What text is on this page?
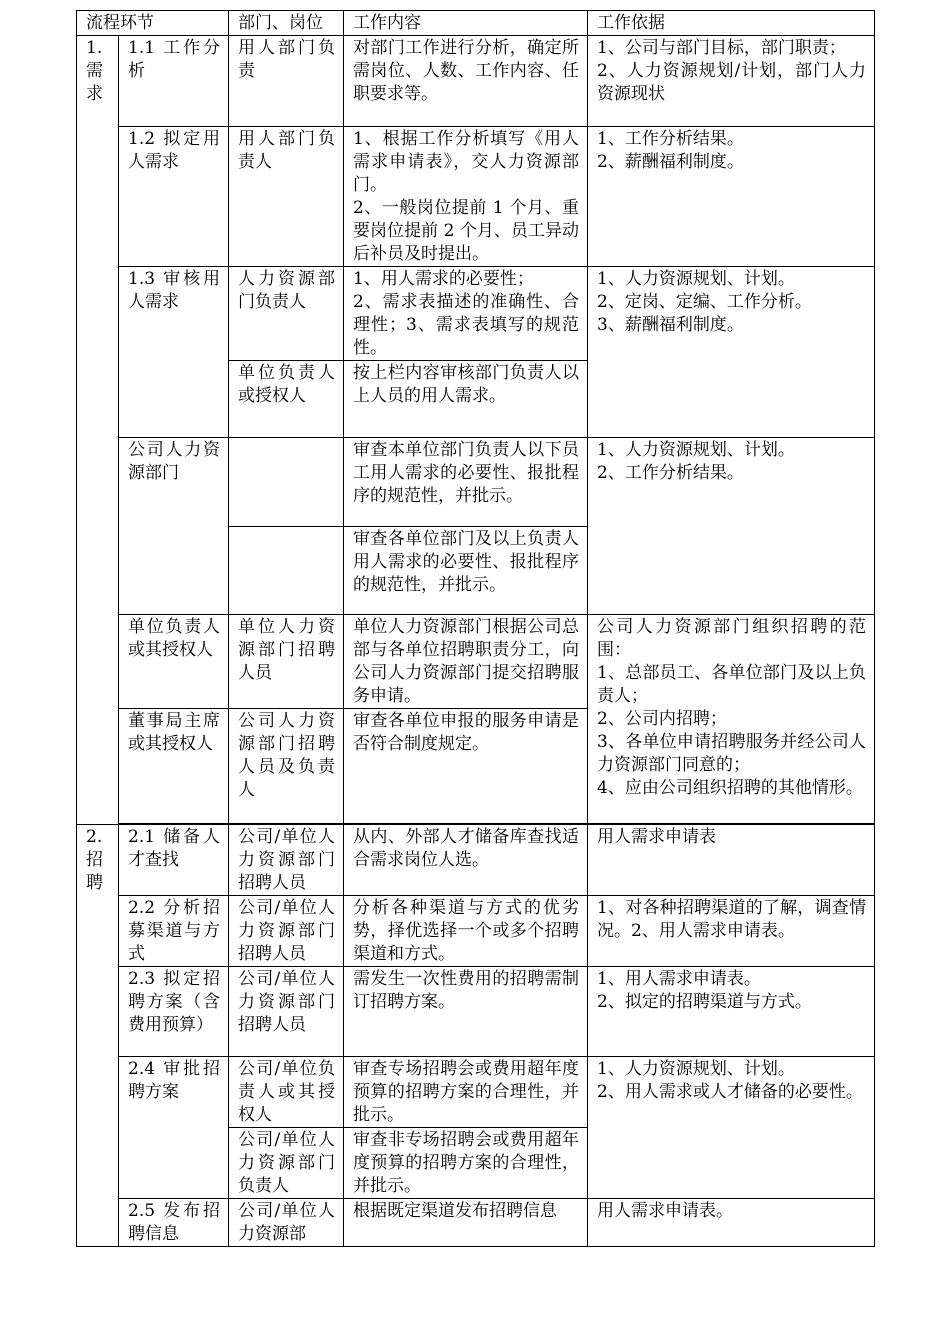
流程环节		部门、岗位	工作内容	工作依据
1.需求	1.1 工作分析	用人部门负责	对部门工作进行分析，确定所需岗位、人数、工作内容、任职要求等。	1、公司与部门目标，部门职责；
2、人力资源规划/计划，部门人力资源现状

	1.2 拟定用人需求	用人部门负责人	1、根据工作分析填写《用人需求申请表》，交人力资源部门。
2、一般岗位提前 1 个月、重要岗位提前 2 个月、员工异动后补员及时提出。	1、工作分析结果。
2、薪酬福利制度。

	1.3 审核用人需求	人力资源部门负责人	1、用人需求的必要性；
2、需求表描述的准确性、合理性；3、需求表填写的规范性。	1、人力资源规划、计划。
2、定岗、定编、工作分析。
3、薪酬福利制度。

		单位负责人或授权人	按上栏内容审核部门负责人以上人员的用人需求。	
	公司人力资源部门		审查本单位部门负责人以下员工用人需求的必要性、报批程序的规范性，并批示。	1、人力资源规划、计划。
2、工作分析结果。

			审查各单位部门及以上负责人用人需求的必要性、报批程序的规范性，并批示。	
	单位负责人或其授权人	单位人力资源部门招聘人员	单位人力资源部门根据公司总部与各单位招聘职责分工，向公司人力资源部门提交招聘服务申请。	公司人力资源部门组织招聘的范围：
1、总部员工、各单位部门及以上负责人；
2、公司内招聘；
3、各单位申请招聘服务并经公司人力资源部门同意的；
4、应由公司组织招聘的其他情形。

	董事局主席或其授权人	公司人力资源部门招聘人员及负责人	审查各单位申报的服务申请是否符合制度规定。	

2.招聘	2.1 储备人才查找	公司/单位人力资源部门招聘人员	从内、外部人才储备库查找适合需求岗位人选。	用人需求申请表
	2.2 分析招募渠道与方式	公司/单位人力资源部门招聘人员	分析各种渠道与方式的优劣势，择优选择一个或多个招聘渠道和方式。	1、对各种招聘渠道的了解，调查情况。2、用人需求申请表。
	2.3 拟定招聘方案（含费用预算）	公司/单位人力资源部门招聘人员	需发生一次性费用的招聘需制订招聘方案。	1、用人需求申请表。
2、拟定的招聘渠道与方式。

	2.4 审批招聘方案	公司/单位负责人或其授权人	审查专场招聘会或费用超年度预算的招聘方案的合理性，并批示。	1、人力资源规划、计划。
2、用人需求或人才储备的必要性。

		公司/单位人力资源部门负责人	审查非专场招聘会或费用超年度预算的招聘方案的合理性，并批示。	
	2.5 发布招聘信息	公司/单位人力资源部	根据既定渠道发布招聘信息	用人需求申请表。
